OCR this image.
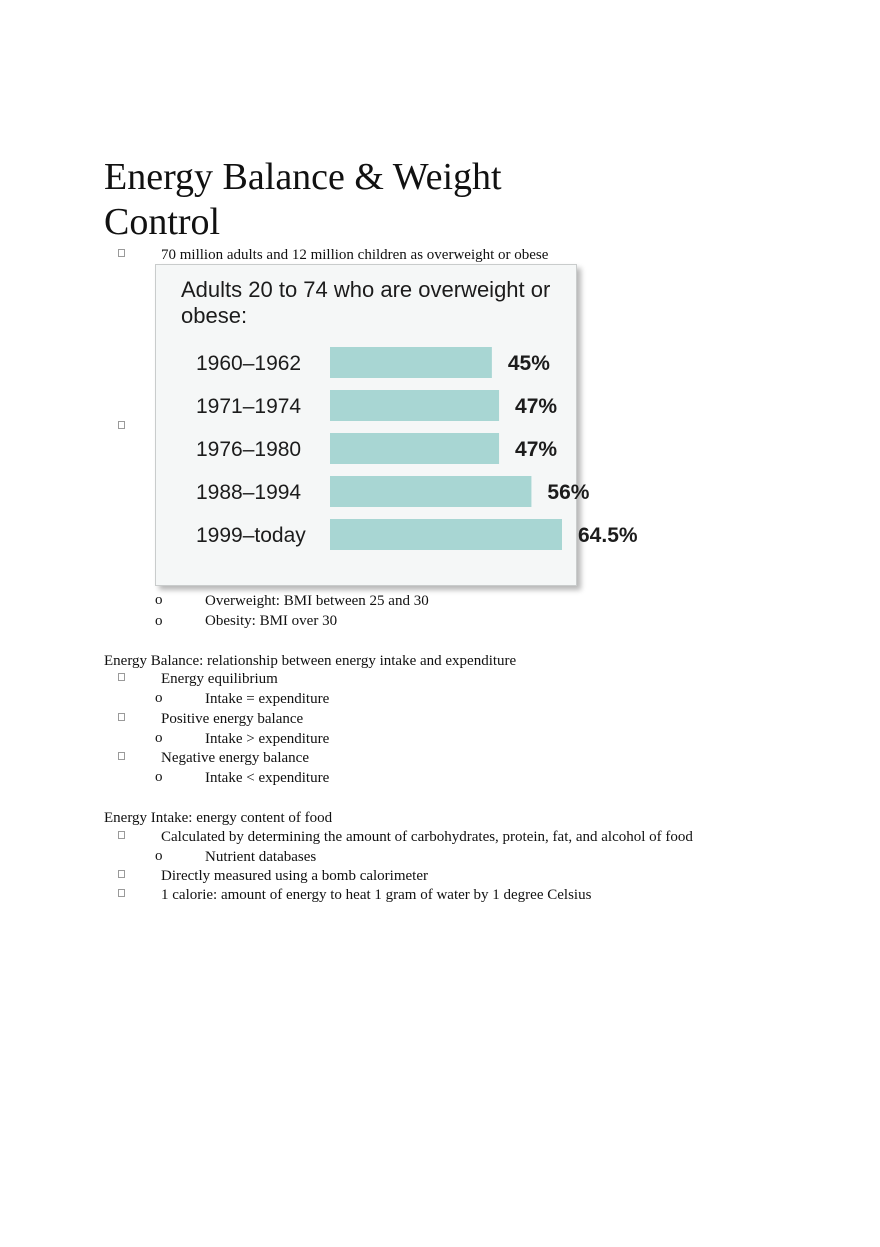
Energy Balance & Weight Control
70 million adults and 12 million children as overweight or obese
Adults 20 to 74 who are overweight or obese:
1960–1962	45%
1971–1974	47%
1976–1980	47%
1988–1994	56%
1999–today	64.5%
o	Overweight: BMI between 25 and 30
o	Obesity: BMI over 30
Energy Balance: relationship between energy intake and expenditure
Energy equilibrium
o	Intake = expenditure
Positive energy balance
o	Intake > expenditure
Negative energy balance
o	Intake < expenditure
Energy Intake: energy content of food
Calculated by determining the amount of carbohydrates, protein, fat, and alcohol of food
o	Nutrient databases
Directly measured using a bomb calorimeter
1 calorie: amount of energy to heat 1 gram of water by 1 degree Celsius
